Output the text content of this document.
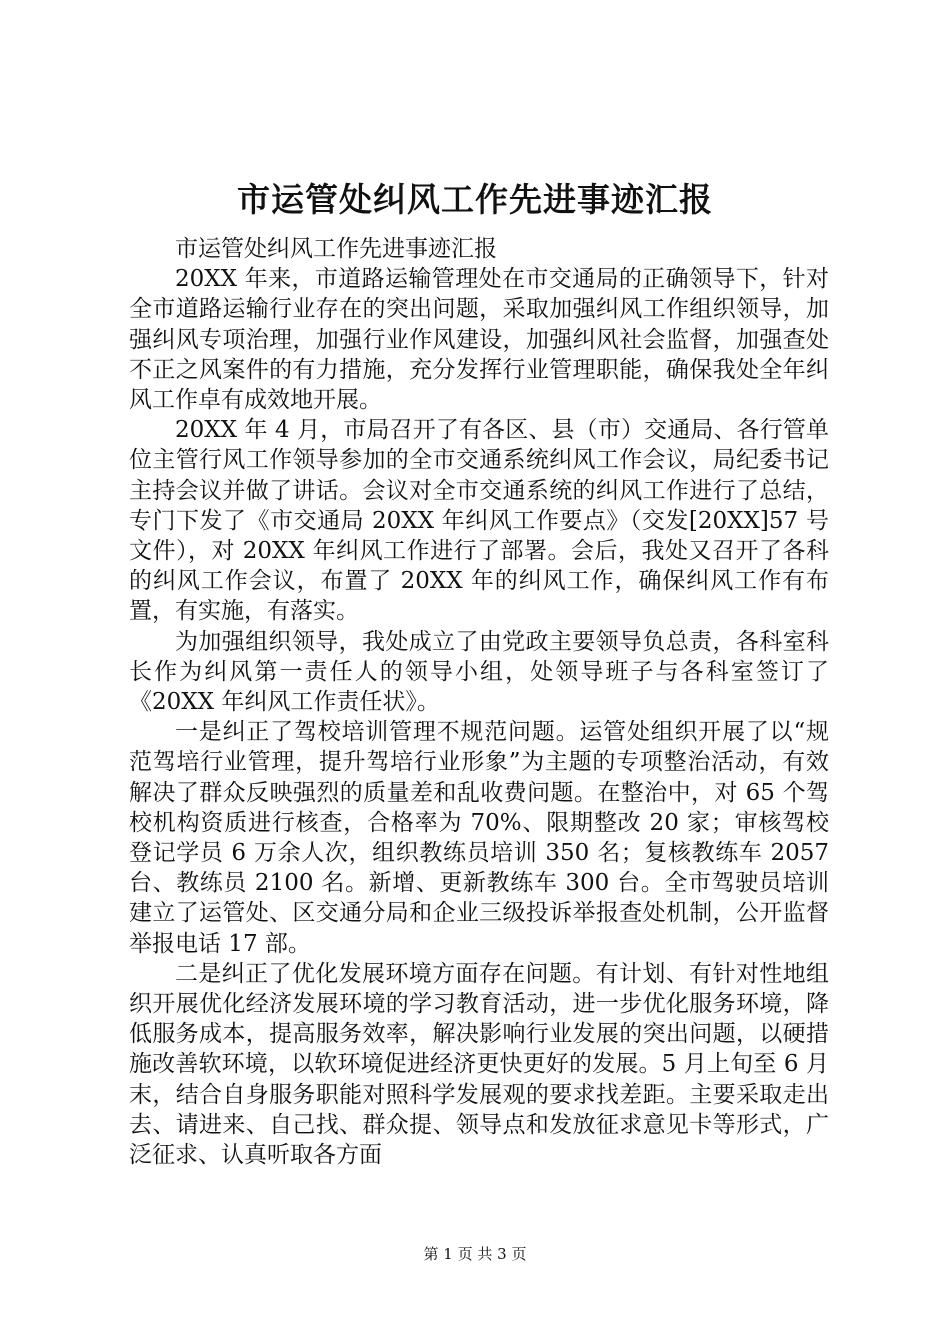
市运管处纠风工作先进事迹汇报

市运管处纠风工作先进事迹汇报

20XX 年来，市道路运输管理处在市交通局的正确领导下，针对全市道路运输行业存在的突出问题，采取加强纠风工作组织领导，加强纠风专项治理，加强行业作风建设，加强纠风社会监督，加强查处不正之风案件的有力措施，充分发挥行业管理职能，确保我处全年纠风工作卓有成效地开展。

20XX 年 4 月，市局召开了有各区、县（市）交通局、各行管单位主管行风工作领导参加的全市交通系统纠风工作会议，局纪委书记主持会议并做了讲话。会议对全市交通系统的纠风工作进行了总结，专门下发了《市交通局 20XX 年纠风工作要点》（交发[20XX]57 号文件），对 20XX 年纠风工作进行了部署。会后，我处又召开了各科的纠风工作会议，布置了 20XX 年的纠风工作，确保纠风工作有布置，有实施，有落实。

为加强组织领导，我处成立了由党政主要领导负总责，各科室科长作为纠风第一责任人的领导小组，处领导班子与各科室签订了《20XX 年纠风工作责任状》。

一是纠正了驾校培训管理不规范问题。运管处组织开展了以“规范驾培行业管理，提升驾培行业形象”为主题的专项整治活动，有效解决了群众反映强烈的质量差和乱收费问题。在整治中，对 65 个驾校机构资质进行核查，合格率为 70%、限期整改 20 家；审核驾校登记学员 6 万余人次，组织教练员培训 350 名；复核教练车 2057 台、教练员 2100 名。新增、更新教练车 300 台。全市驾驶员培训建立了运管处、区交通分局和企业三级投诉举报查处机制，公开监督举报电话 17 部。

二是纠正了优化发展环境方面存在问题。有计划、有针对性地组织开展优化经济发展环境的学习教育活动，进一步优化服务环境，降低服务成本，提高服务效率，解决影响行业发展的突出问题，以硬措施改善软环境，以软环境促进经济更快更好的发展。5 月上旬至 6 月末，结合自身服务职能对照科学发展观的要求找差距。主要采取走出去、请进来、自己找、群众提、领导点和发放征求意见卡等形式，广泛征求、认真听取各方面

第 1 页 共 3 页
